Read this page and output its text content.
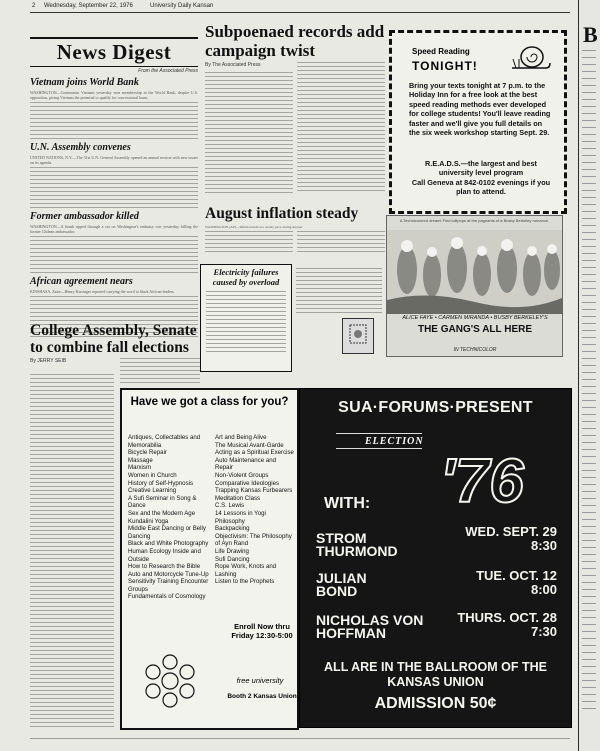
2 Wednesday, September 22, 1976	University Daily Kansan
News Digest
From the Associated Press
Vietnam joins World Bank
WASHINGTON—Communist Vietnam yesterday won membership in the World Bank, despite U.S. opposition, giving Vietnam the potential to qualify for concessional loans.
U.N. Assembly convenes
UNITED NATIONS, N.Y.—The 31st U.N. General Assembly opened an annual session with new issues on its agenda.
Former ambassador killed
WASHINGTON—A bomb ripped through a car on Washington's embassy row yesterday, killing the former Chilean ambassador.
African agreement nears
KINSHASA, Zaire—Henry Kissinger reported carrying the word to black African leaders.
College Assembly, Senate to combine fall elections
By JERRY SEIB
Subpoenaed records add campaign twist
By The Associated Press
Speed Reading
TONIGHT!
Bring your texts tonight at 7 p.m. to the Holiday Inn for a free look at the best speed reading methods ever developed for college students! You'll leave reading faster and we'll give you full details on the six week workshop starting Sept. 29.
R.E.A.D.S.—the largest and best university level program
Call Geneva at 842-0102 evenings if you plan to attend.
August inflation steady
WASHINGTON (AP)—Inflation held at a steady pace during August.
Electricity failures caused by overload
A Technicolored dream! Find lollipops at the pageants of a Busby Berkeley romance.
ALICE FAYE • CARMEN MIRANDA • BUSBY BERKELEY'S
THE GANG'S ALL HERE
IN TECHNICOLOR
Have we got a class for you?
Antiques, Collectables and Memorabilia
Bicycle Repair
Massage
Marxism
Women in Church
History of Self-Hypnosis
Creative Learning
A Sufi Seminar in Song & Dance
Sex and the Modern Age
Kundalini Yoga
Middle East Dancing or Belly Dancing
Black and White Photography
Human Ecology Inside and Outside
How to Research the Bible
Auto and Motorcycle Tune-Up
Sensitivity Training Encounter Groups
Fundamentals of Cosmology
Art and Being Alive
The Musical Avant-Garde
Acting as a Spiritual Exercise
Auto Maintenance and Repair
Non-Violent Groups
Comparative Ideologies
Trapping Kansas Furbearers
Meditation Class
C.S. Lewis
14 Lessons in Yogi Philosophy
Backpacking
Objectivism: The Philosophy of Ayn Rand
Life Drawing
Sufi Dancing
Rope Work, Knots and Lashing
Listen to the Prophets
Enroll Now thru Friday 12:30-5:00
free university
Booth 2 Kansas Union
SUA·FORUMS·PRESENT
ELECTION
'76
WITH:
STROM THURMOND
WED. SEPT. 29
8:30
JULIAN BOND
TUE. OCT. 12
8:00
NICHOLAS VON HOFFMAN
THURS. OCT. 28
7:30
ALL ARE IN THE BALLROOM OF THE KANSAS UNION
ADMISSION 50¢
B
